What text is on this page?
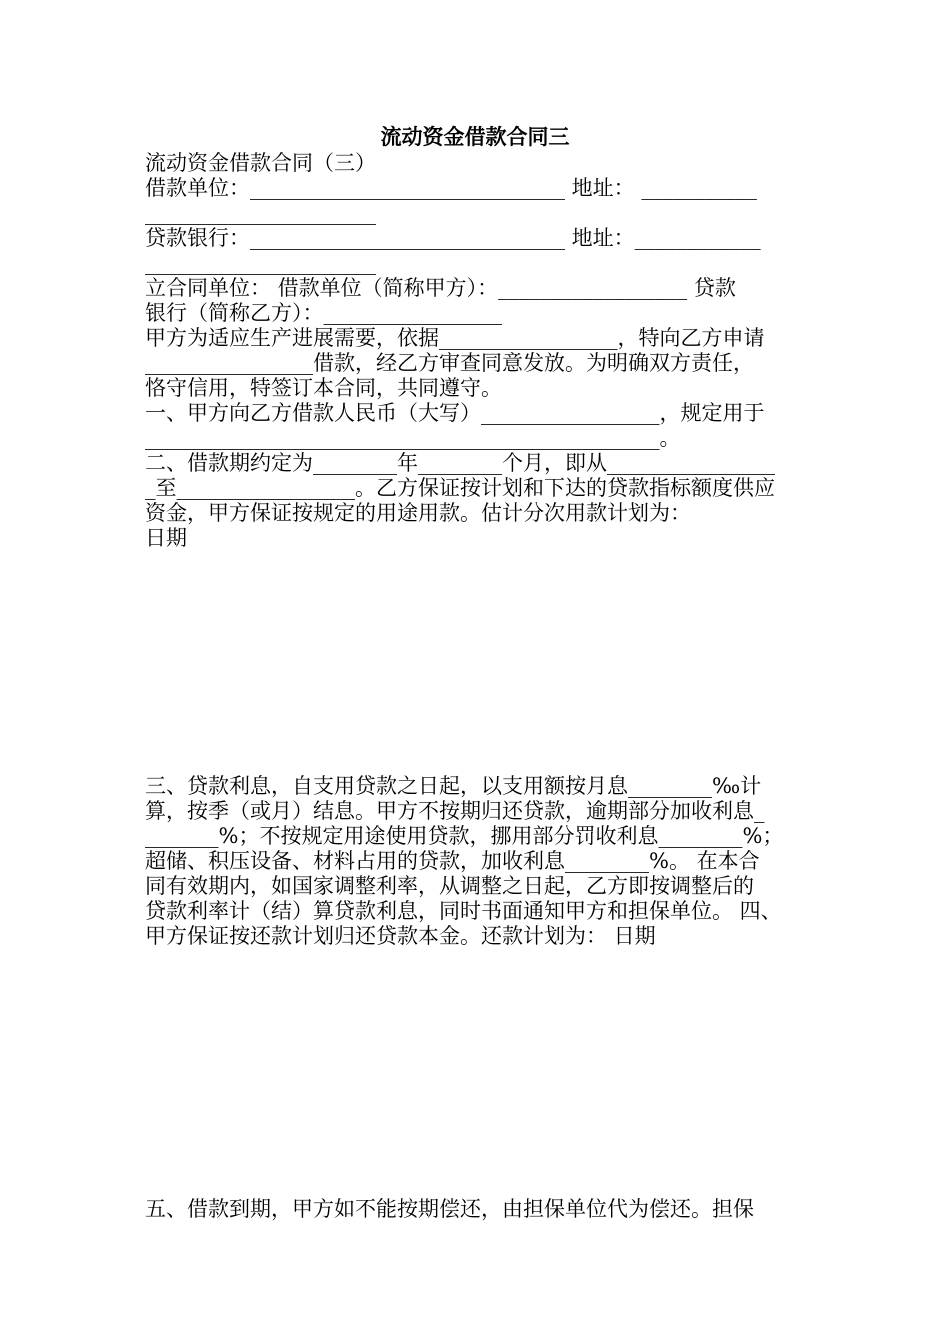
流动资金借款合同三
流动资金借款合同（三）
借款单位：______________________________ 地址： ___________
______________________
贷款银行：______________________________ 地址：____________
______________________
立合同单位： 借款单位（简称甲方）：__________________ 贷款
银行（简称乙方）：_________________
甲方为适应生产进展需要，依据_________________，特向乙方申请
________________借款，经乙方审查同意发放。为明确双方责任，
恪守信用，特签订本合同，共同遵守。
一、甲方向乙方借款人民币（大写）_________________，规定用于
_________________________________________________。
二、借款期约定为________年________个月，即从________________
_至_________________。乙方保证按计划和下达的贷款指标额度供应
资金，甲方保证按规定的用途用款。估计分次用款计划为：
日期
三、贷款利息，自支用贷款之日起，以支用额按月息________‰计
算，按季（或月）结息。甲方不按期归还贷款，逾期部分加收利息_
_______%；不按规定用途使用贷款，挪用部分罚收利息________%；
超储、积压设备、材料占用的贷款，加收利息________%。 在本合
同有效期内，如国家调整利率，从调整之日起，乙方即按调整后的
贷款利率计（结）算贷款利息，同时书面通知甲方和担保单位。 四、
甲方保证按还款计划归还贷款本金。还款计划为： 日期
五、借款到期，甲方如不能按期偿还，由担保单位代为偿还。担保
